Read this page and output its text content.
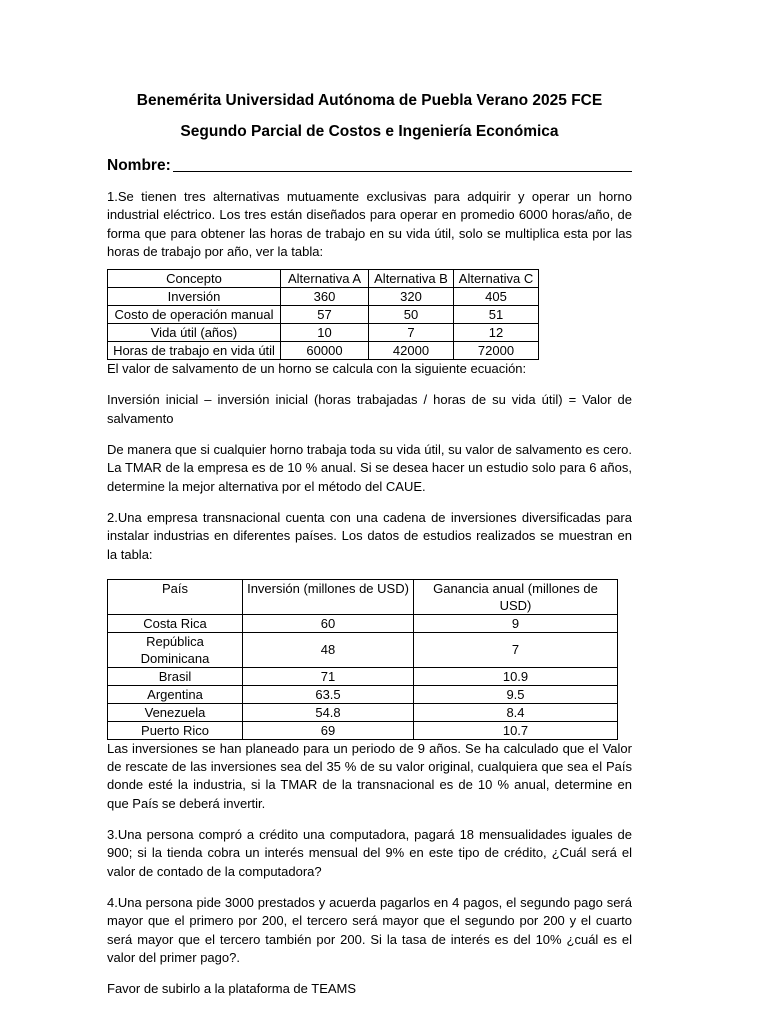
Benemérita Universidad Autónoma de Puebla Verano 2025 FCE
Segundo Parcial de Costos e Ingeniería Económica
Nombre:

1.Se tienen tres alternativas mutuamente exclusivas para adquirir y operar un horno industrial eléctrico. Los tres están diseñados para operar en promedio 6000 horas/año, de forma que para obtener las horas de trabajo en su vida útil, solo se multiplica esta por las horas de trabajo por año, ver la tabla:

Concepto	Alternativa A	Alternativa B	Alternativa C
Inversión	360	320	405
Costo de operación manual	57	50	51
Vida útil (años)	10	7	12
Horas de trabajo en vida útil	60000	42000	72000

El valor de salvamento de un horno se calcula con la siguiente ecuación:

Inversión inicial – inversión inicial (horas trabajadas / horas de su vida útil) = Valor de salvamento

De manera que si cualquier horno trabaja toda su vida útil, su valor de salvamento es cero. La TMAR de la empresa es de 10 % anual. Si se desea hacer un estudio solo para 6 años, determine la mejor alternativa por el método del CAUE.

2.Una empresa transnacional cuenta con una cadena de inversiones diversificadas para instalar industrias en diferentes países. Los datos de estudios realizados se muestran en la tabla:

País	Inversión (millones de USD)	Ganancia anual (millones de USD)
Costa Rica	60	9
República Dominicana	48	7
Brasil	71	10.9
Argentina	63.5	9.5
Venezuela	54.8	8.4
Puerto Rico	69	10.7

Las inversiones se han planeado para un periodo de 9 años. Se ha calculado que el Valor de rescate de las inversiones sea del 35 % de su valor original, cualquiera que sea el País donde esté la industria, si la TMAR de la transnacional es de 10 % anual, determine en que País se deberá invertir.

3.Una persona compró a crédito una computadora, pagará 18 mensualidades iguales de 900; si la tienda cobra un interés mensual del 9% en este tipo de crédito, ¿Cuál será el valor de contado de la computadora?

4.Una persona pide 3000 prestados y acuerda pagarlos en 4 pagos, el segundo pago será mayor que el primero por 200, el tercero será mayor que el segundo por 200 y el cuarto será mayor que el tercero también por 200. Si la tasa de interés es del 10% ¿cuál es el valor del primer pago?.

Favor de subirlo a la plataforma de TEAMS
